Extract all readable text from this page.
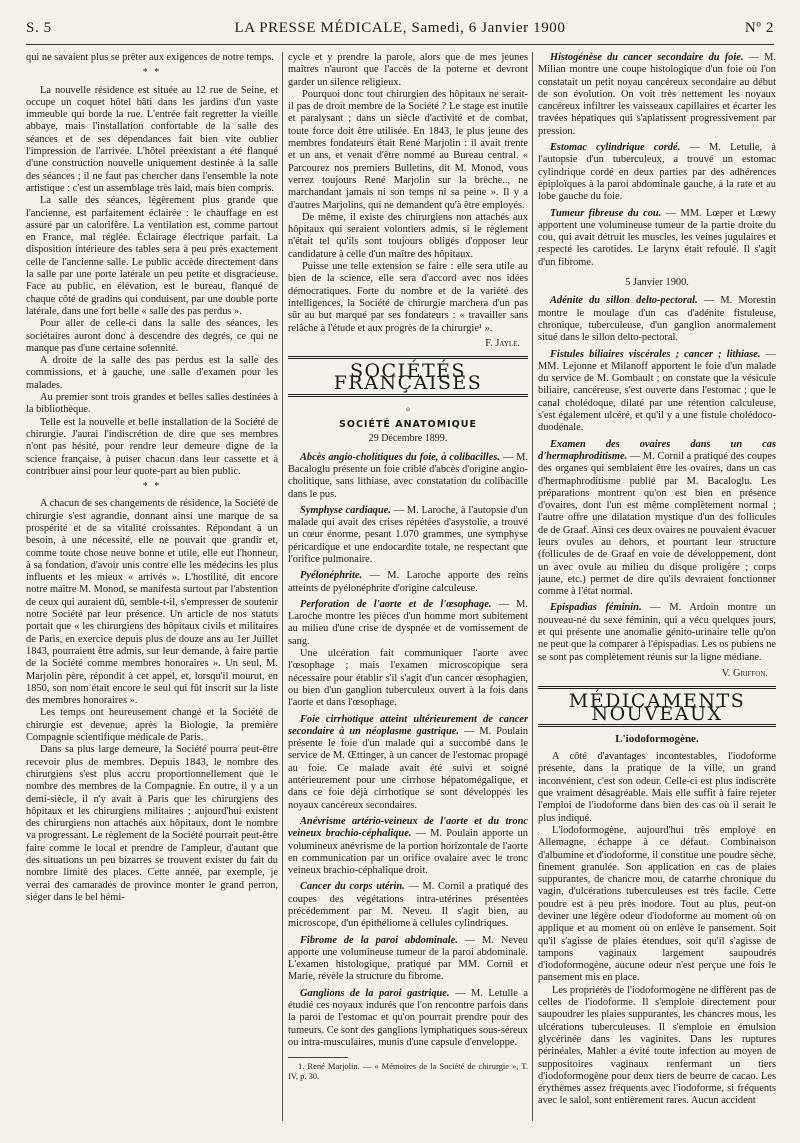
S. 5	LA PRESSE MÉDICALE, Samedi, 6 Janvier 1900	Nº 2

qui ne savaient plus se prêter aux exigences de notre temps.

* *

La nouvelle résidence est située au 12 rue de Seine, et occupe un coquet hôtel bâti dans les jardins d'un vaste immeuble qui borde la rue. L'entrée fait regretter la vieille abbaye, mais l'installation confortable de la salle des séances et de ses dépendances fait bien vite oublier l'impression de l'arrivée. L'hôtel préexistant a été flanqué d'une construction nouvelle uniquement destinée à la salle des séances ; il ne faut pas chercher dans l'ensemble la note artistique : c'est un assemblage très laid, mais bien compris.

La salle des séances, légèrement plus grande que l'ancienne, est parfaitement éclairée : le chauffage en est assuré par un calorifère. La ventilation est, comme partout en France, mal réglée. Éclairage électrique parfait. La disposition intérieure des tables sera à peu près exactement celle de l'ancienne salle. Le public accède directement dans la salle par une porte latérale un peu petite et disgracieuse. Face au public, en élévation, est le bureau, flanqué de chaque côté de gradins qui conduisent, par une double porte latérale, dans une fort belle « salle des pas perdus ».

Pour aller de celle-ci dans la salle des séances, les sociétaires auront donc à descendre des degrés, ce qui ne manque pas d'une certaine solennité.

A droite de la salle des pas perdus est la salle des commissions, et à gauche, une salle d'examen pour les malades.

Au premier sont trois grandes et belles salles destinées à la bibliothèque.

Telle est la nouvelle et belle installation de la Société de chirurgie. J'aurai l'indiscrétion de dire que ses membres n'ont pas hésité, pour rendre leur demeure digne de la science française, à puiser chacun dans leur cassette et à contribuer ainsi pour leur quote-part au bien public.

* *

A chacun de ses changements de résidence, la Société de chirurgie s'est agrandie, donnant ainsi une marque de sa prospérité et de sa vitalité croissantes. Répondant à un besoin, à une nécessité, elle ne pouvait que grandir et, comme toute chose neuve bonne et utile, elle eut l'honneur, à sa fondation, d'avoir unis contre elle les médecins les plus influents et les mieux « arrivés ». L'hostilité, dit encore notre maître M. Monod, se manifesta surtout par l'abstention de ceux qui auraient dû, semble-t-il, s'empresser de soutenir notre Société par leur présence. Un article de nos statuts portait que « les chirurgiens des hôpitaux civils et militaires de Paris, en exercice depuis plus de douze ans au 1er Juillet 1843, pourraient être admis, sur leur demande, à faire partie de la Société comme membres honoraires ». Un seul, M. Marjolin père, répondit à cet appel, et, lorsqu'il mourut, en 1850, son nom était encore le seul qui fût inscrit sur la liste des membres honoraires ».

Les temps ont heureusement changé et la Société de chirurgie est devenue, après la Biologie, la première Compagnie scientifique médicale de Paris.

Dans sa plus large demeure, la Société pourra peut-être recevoir plus de membres. Depuis 1843, le nombre des chirurgiens s'est plus accru proportionnellement que le nombre des membres de la Compagnie. En outre, il y a un demi-siècle, il n'y avait à Paris que les chirurgiens des hôpitaux et les chirurgiens militaires ; aujourd'hui existent des chirurgiens non attachés aux hôpitaux, dont le nombre va progressant. Le règlement de la Société pourrait peut-être faire comme le local et prendre de l'ampleur, d'autant que des situations un peu bizarres se trouvent exister du fait du nombre limité des places. Cette année, par exemple, je verrai des camarades de province monter le grand perron, siéger dans le bel hémi-

cycle et y prendre la parole, alors que de mes jeunes maîtres n'auront que l'accès de la poterne et devront garder un silence religieux.

Pourquoi donc tout chirurgien des hôpitaux ne serait-il pas de droit membre de la Société ? Le stage est inutile et paralysant ; dans un siècle d'activité et de combat, toute force doit être utilisée. En 1843, le plus jeune des membres fondateurs était René Marjolin : il avait trente et un ans, et venait d'être nommé au Bureau central. « Parcourez nos premiers Bulletins, dit M. Monod, vous verrez toujours René Marjolin sur la brèche.., ne marchandant jamais ni son temps ni sa peine ». Il y a d'autres Marjolins, qui ne demandent qu'à être employés.

De même, il existe des chirurgiens non attachés aux hôpitaux qui seraient volontiers admis, si le règlement n'était tel qu'ils sont toujours obligés d'opposer leur candidature à celle d'un maître des hôpitaux.

Puisse une telle extension se faire : elle sera utile au bien de la science, elle sera d'accord avec nos idées démocratiques. Forte du nombre et de la variété des intelligences, la Société de chirurgie marchera d'un pas sûr au but marqué par ses fondateurs : « travailler sans relâche à l'étude et aux progrès de la chirurgie¹ ».

F. Jayle.
SOCIÉTÉS FRANÇAISES
o
SOCIÉTÉ ANATOMIQUE
29 Décembre 1899.

Abcès angio-cholitiques du foie, à colibacilles. — M. Bacaloglu présente un foie criblé d'abcès d'origine angio-cholitique, sans lithiase, avec constatation du colibacille dans le pus.

Symphyse cardiaque. — M. Laroche, à l'autopsie d'un malade qui avait des crises répétées d'asystolie, a trouvé un cœur énorme, pesant 1.070 grammes, une symphyse péricardique et une endocardite totale, ne respectant que l'orifice pulmonaire.

Pyélonéphrite. — M. Laroche apporte des reins atteints de pyélonéphrite d'origine calculeuse.

Perforation de l'aorte et de l'œsophage. — M. Laroche montre les pièces d'un homme mort subitement au milieu d'une crise de dyspnée et de vomissement de sang.

Une ulcération fait communiquer l'aorte avec l'œsophage ; mais l'examen microscopique sera nécessaire pour établir s'il s'agit d'un cancer œsophagien, ou bien d'un ganglion tuberculeux ouvert à la fois dans l'aorte et dans l'œsophage.

Foie cirrhotique atteint ultérieurement de cancer secondaire à un néoplasme gastrique. — M. Poulain présente le foie d'un malade qui a succombé dans le service de M. Œttinger, à un cancer de l'estomac propagé au foie. Ce malade avait été suivi et soigné antérieurement pour une cirrhose hépatomégalique, et dans ce foie déjà cirrhotique se sont développés les noyaux cancéreux secondaires.

Anévrisme artério-veineux de l'aorte et du tronc veineux brachio-céphalique. — M. Poulain apporte un volumineux anévrisme de la portion horizontale de l'aorte en communication par un orifice ovalaire avec le tronc veineux brachio-céphalique droit.

Cancer du corps utérin. — M. Cornil a pratiqué des coupes des végétations intra-utérines présentées précédemment par M. Neveu. Il s'agit bien, au microscope, d'un épithéliome à cellules cylindriques.

Fibrome de la paroi abdominale. — M. Neveu apporte une volumineuse tumeur de la paroi abdominale. L'examen histologique, pratiqué par MM. Cornil et Marie, révèle la structure du fibrome.

Ganglions de la paroi gastrique. — M. Letulle a étudié ces noyaux indurés que l'on rencontre parfois dans la paroi de l'estomac et qu'on pourrait prendre pour des tumeurs. Ce sont des ganglions lymphatiques sous-séreux ou intra-musculaires, munis d'une capsule d'enveloppe.

1. René Marjolin. — « Mémoires de la Société de chirurgie », T. IV, p. 30.

Histogénèse du cancer secondaire du foie. — M. Milian montre une coupe histologique d'un foie où l'on constatait un petit noyau cancéreux secondaire au début de son évolution. On voit très nettement les noyaux cancéreux infiltrer les vaisseaux capillaires et écarter les travées hépatiques qui s'aplatissent progressivement par pression.

Estomac cylindrique cordé. — M. Letulle, à l'autopsie d'un tuberculeux, a trouvé un estomac cylindrique cordé en deux parties par des adhérences épiploïques à la paroi abdominale gauche, à la rate et au lobe gauche du foie.

Tumeur fibreuse du cou. — MM. Lœper et Lœwy apportent une volumineuse tumeur de la partie droite du cou, qui avait détruit les muscles, les veines jugulaires et respecté les carotides. Le larynx était refoulé. Il s'agit d'un fibrome.

5 Janvier 1900.

Adénite du sillon delto-pectoral. — M. Morestin montre le moulage d'un cas d'adénite fistuleuse, chronique, tuberculeuse, d'un ganglion anormalement situé dans le sillon delto-pectoral.

Fistules biliaires viscérales ; cancer ; lithiase. — MM. Lejonne et Milanoff apportent le foie d'un malade du service de M. Gombault ; on constate que la vésicule biliaire, cancéreuse, s'est ouverte dans l'estomac ; que le canal cholédoque, dilaté par une rétention calculeuse, s'est également ulcéré, et qu'il y a une fistule cholédoco-duodénale.

Examen des ovaires dans un cas d'hermaphroditisme. — M. Cornil a pratiqué des coupes des organes qui semblaient être les ovaires, dans un cas d'hermaphroditisme publié par M. Bacaloglu. Les préparations montrent qu'on est bien en présence d'ovaires, dont l'un est même complètement normal ; l'autre offre une dilatation mystique d'un des follicules de de Graaf. Ainsi ces deux ovaires ne pouvaient évacuer leurs ovules au dehors, et pourtant leur structure (follicules de de Graaf en voie de développement, dont un avec ovule au milieu du disque proligère ; corps jaune, etc.) permet de dire qu'ils devraient fonctionner comme à l'état normal.

Epispadias féminin. — M. Ardoin montre un nouveau-né du sexe féminin, qui a vécu quelques jours, et qui présente une anomalie génito-urinaire telle qu'on ne peut que la comparer à l'épispadias. Les os pubiens ne se sont pas complètement réunis sur la ligne médiane.

V. Griffon.
MÉDICAMENTS NOUVEAUX
L'iodoformogène.

A côté d'avantages incontestables, l'iodoforme présente, dans la pratique de la ville, un grand inconvénient, c'est son odeur. Celle-ci est plus indiscrète que vraiment désagréable. Mais elle suffit à faire rejeter l'emploi de l'iodoforme dans bien des cas où il serait le plus indiqué.

L'iodoformogène, aujourd'hui très employé en Allemagne, échappe à ce défaut. Combinaison d'albumine et d'iodoforme, il constitue une poudre sèche, finement granulée. Son application en cas de plaies suppurantes, de chancre mou, de catarrhe chronique du vagin, d'ulcérations tuberculeuses est très facile. Cette poudre est à peu près inodore. Tout au plus, peut-on deviner une légère odeur d'iodoforme au moment où on applique et au moment où on enlève le pansement. Soit qu'il s'agisse de plaies étendues, soit qu'il s'agisse de tampons vaginaux largement saupoudrés d'iodoformogène, aucune odeur n'est perçue une fois le pansement mis en place.

Les propriétés de l'iodoformogène ne diffèrent pas de celles de l'iodoforme. Il s'emploie directement pour saupoudrer les plaies suppurantes, les chancres mous, les ulcérations tuberculeuses. Il s'emploie en émulsion glycérinée dans les vaginites. Dans les ruptures périnéales, Mahler a évité toute infection au moyen de suppositoires vaginaux renfermant un tiers d'iodoformogène pour deux tiers de beurre de cacao. Les érythèmes assez fréquents avec l'iodoforme, si fréquents avec le salol, sont entièrement rares. Aucun accident
